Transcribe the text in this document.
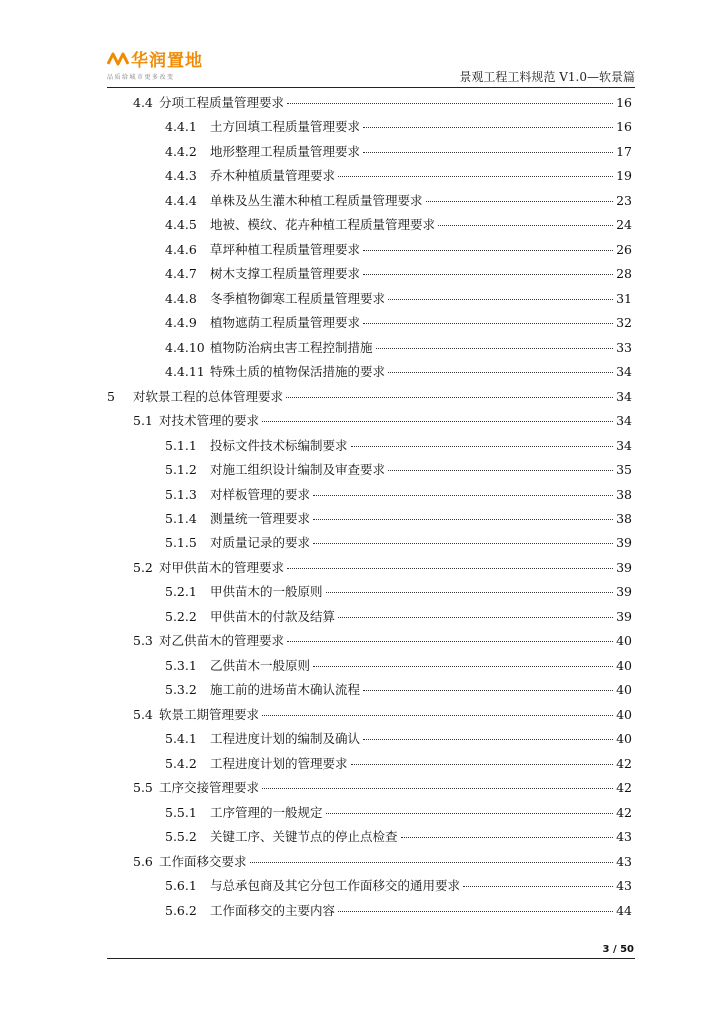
华润置地
品质给城市更多改变	景观工程工料规范 V1.0—软景篇
4.4 分项工程质量管理要求	16
4.4.1	土方回填工程质量管理要求	16
4.4.2	地形整理工程质量管理要求	17
4.4.3	乔木种植质量管理要求	19
4.4.4	单株及丛生灌木种植工程质量管理要求	23
4.4.5	地被、模纹、花卉种植工程质量管理要求	24
4.4.6	草坪种植工程质量管理要求	26
4.4.7	树木支撑工程质量管理要求	28
4.4.8	冬季植物御寒工程质量管理要求	31
4.4.9	植物遮荫工程质量管理要求	32
4.4.10 植物防治病虫害工程控制措施	33
4.4.11 特殊土质的植物保活措施的要求	34
5	对软景工程的总体管理要求	34
5.1 对技术管理的要求	34
5.1.1	投标文件技术标编制要求	34
5.1.2	对施工组织设计编制及审查要求	35
5.1.3	对样板管理的要求	38
5.1.4	测量统一管理要求	38
5.1.5	对质量记录的要求	39
5.2 对甲供苗木的管理要求	39
5.2.1	甲供苗木的一般原则	39
5.2.2	甲供苗木的付款及结算	39
5.3 对乙供苗木的管理要求	40
5.3.1	乙供苗木一般原则	40
5.3.2	施工前的进场苗木确认流程	40
5.4 软景工期管理要求	40
5.4.1	工程进度计划的编制及确认	40
5.4.2	工程进度计划的管理要求	42
5.5 工序交接管理要求	42
5.5.1	工序管理的一般规定	42
5.5.2	关键工序、关键节点的停止点检查	43
5.6 工作面移交要求	43
5.6.1	与总承包商及其它分包工作面移交的通用要求	43
5.6.2	工作面移交的主要内容	44
3 / 50
